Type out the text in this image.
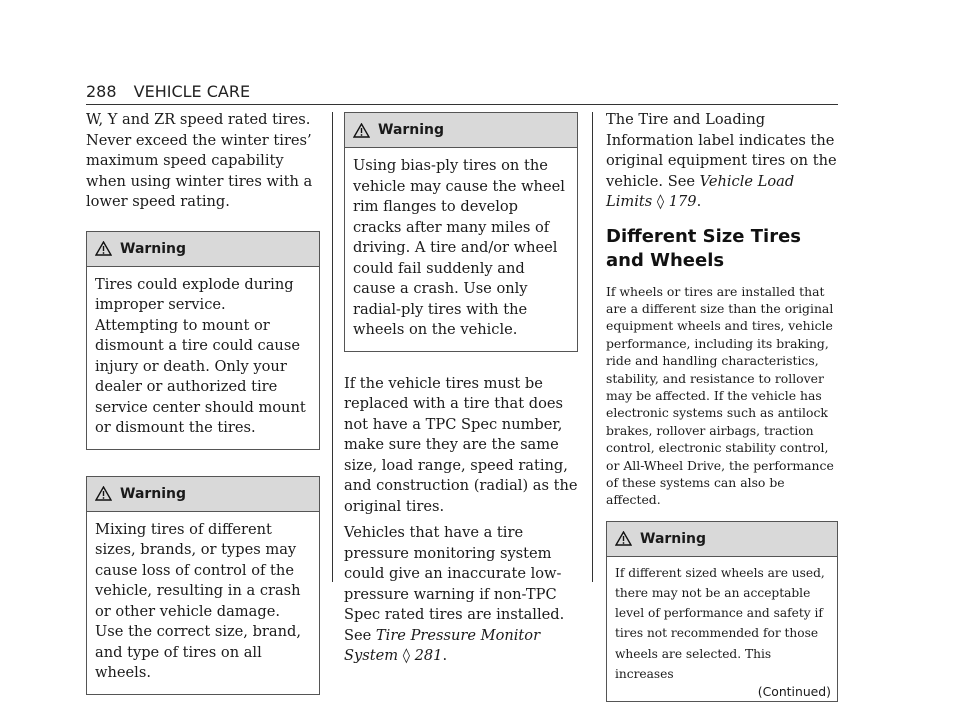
288 VEHICLE CARE

W, Y and ZR speed rated tires. Never exceed the winter tires’ maximum speed capability when using winter tires with a lower speed rating.

Warning
Tires could explode during improper service. Attempting to mount or dismount a tire could cause injury or death. Only your dealer or authorized tire service center should mount or dismount the tires.
Warning
Mixing tires of different sizes, brands, or types may cause loss of control of the vehicle, resulting in a crash or other vehicle damage. Use the correct size, brand, and type of tires on all wheels.
Warning
Using bias-ply tires on the vehicle may cause the wheel rim flanges to develop cracks after many miles of driving. A tire and/or wheel could fail suddenly and cause a crash. Use only radial-ply tires with the wheels on the vehicle.

If the vehicle tires must be replaced with a tire that does not have a TPC Spec number, make sure they are the same size, load range, speed rating, and construction (radial) as the original tires.

Vehicles that have a tire pressure monitoring system could give an inaccurate low-pressure warning if non-TPC Spec rated tires are installed. See Tire Pressure Monitor System ◊ 281.

The Tire and Loading Information label indicates the original equipment tires on the vehicle. See Vehicle Load Limits ◊ 179.

Different Size Tires and Wheels

If wheels or tires are installed that are a different size than the original equipment wheels and tires, vehicle performance, including its braking, ride and handling characteristics, stability, and resistance to rollover may be affected. If the vehicle has electronic systems such as antilock brakes, rollover airbags, traction control, electronic stability control, or All-Wheel Drive, the performance of these systems can also be affected.

Warning
If different sized wheels are used, there may not be an acceptable level of performance and safety if tires not recommended for those wheels are selected. This increases
(Continued)
